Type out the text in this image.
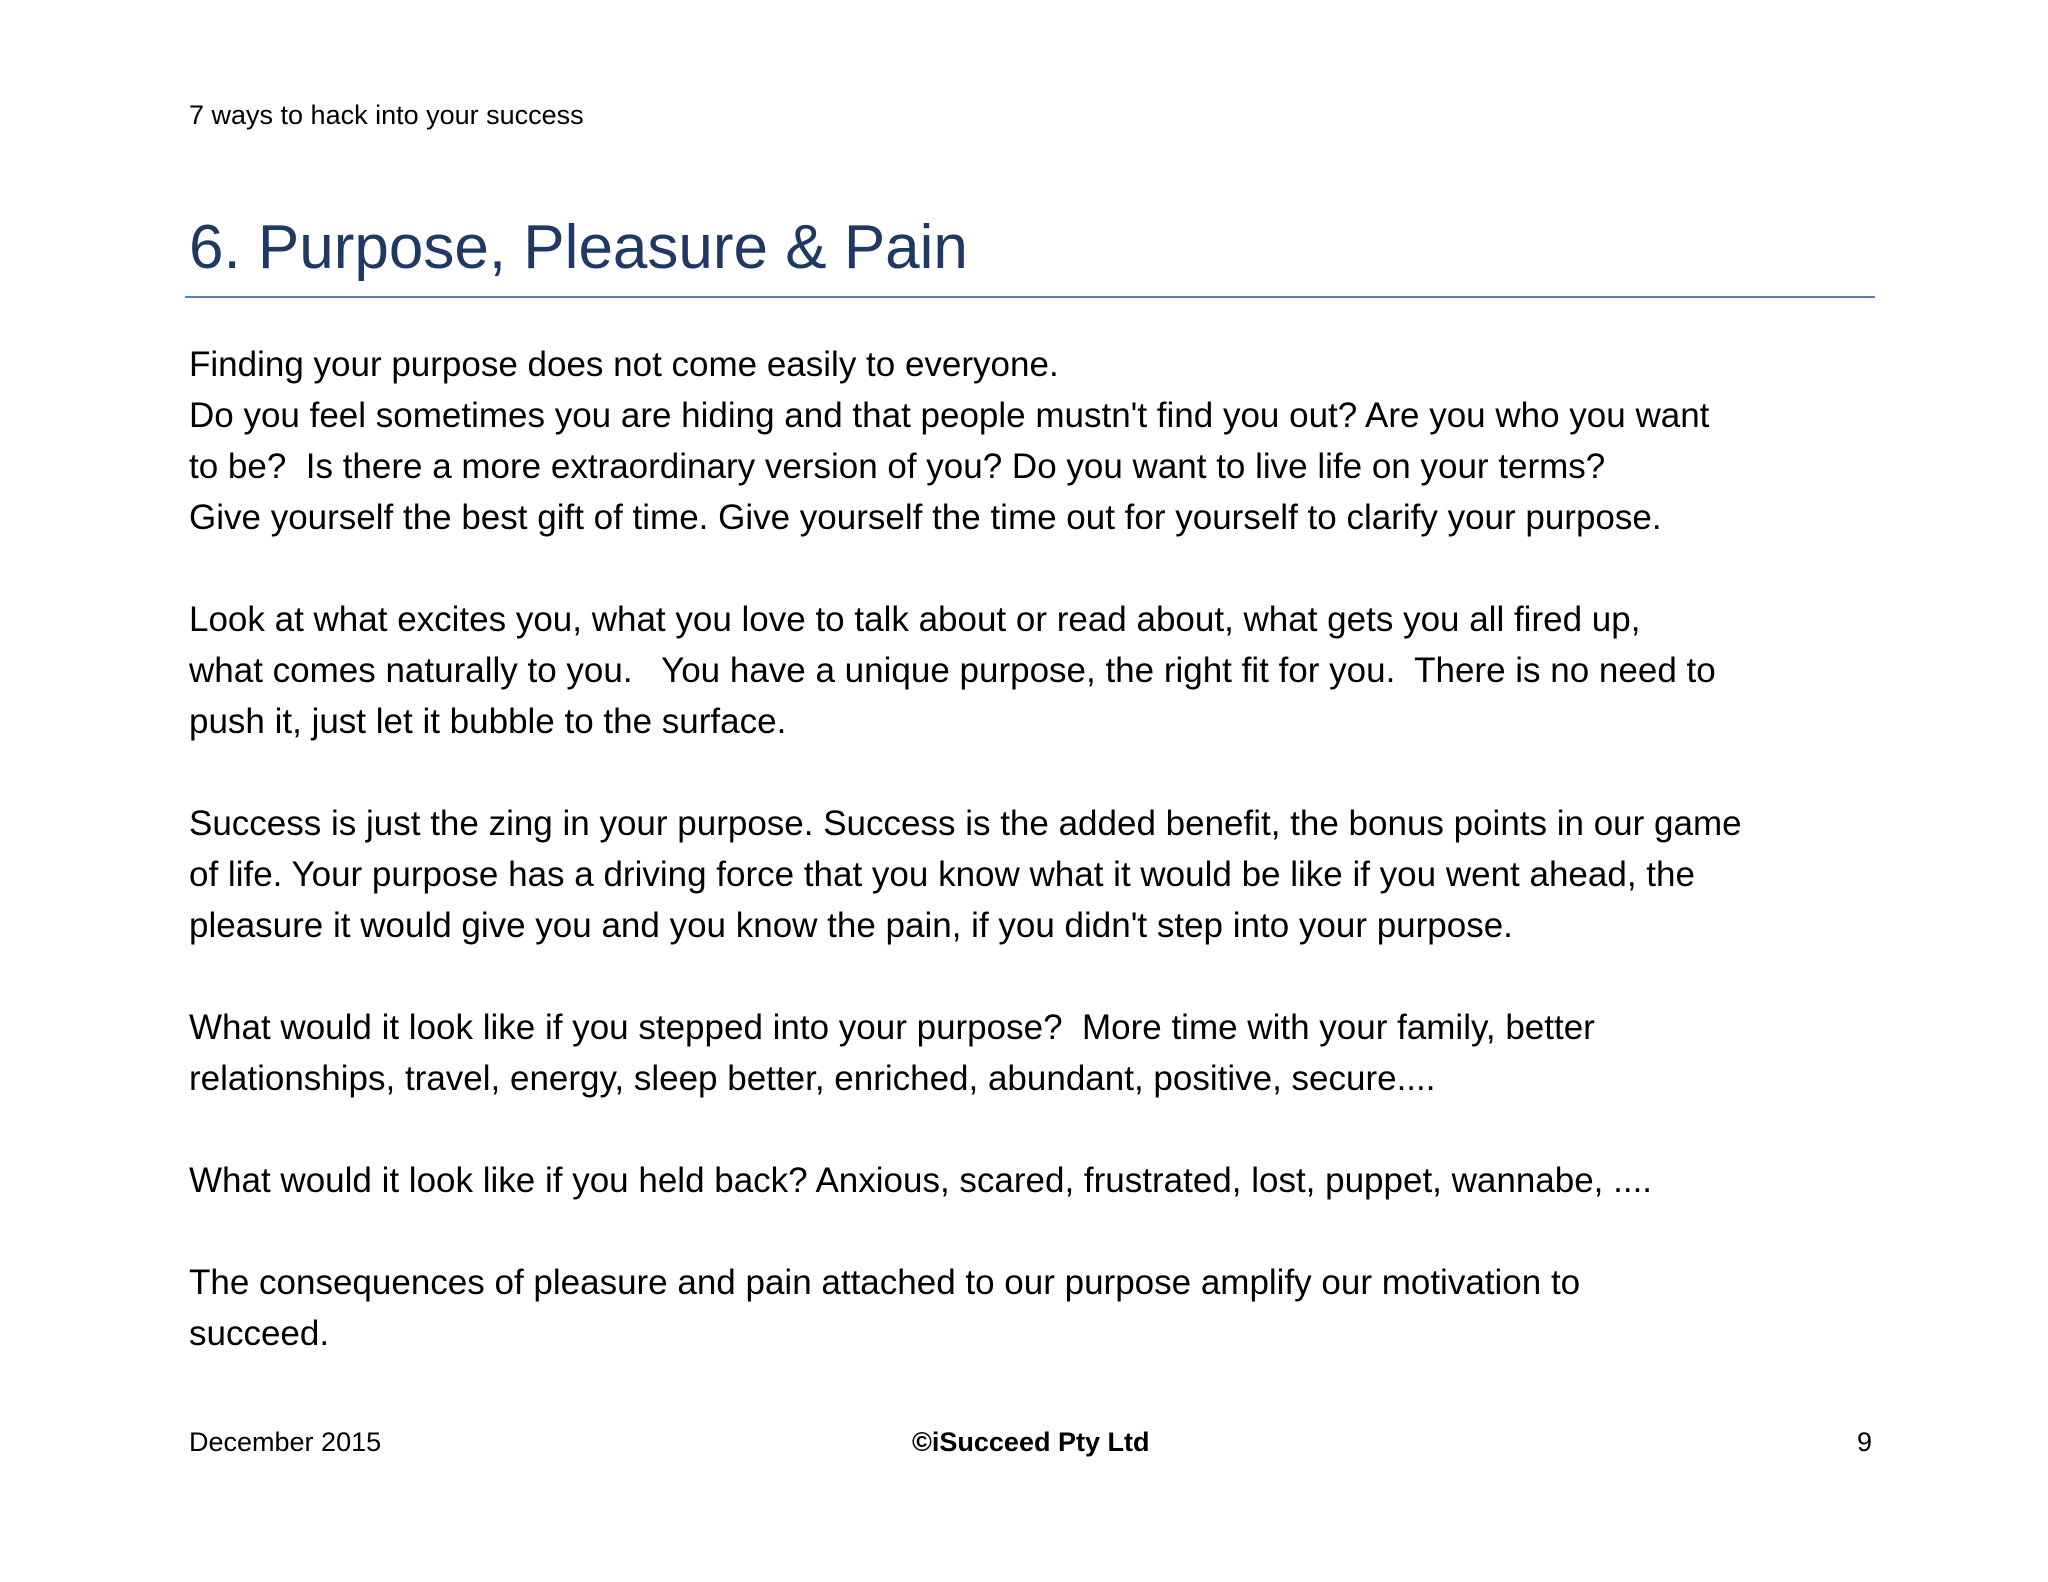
7 ways to hack into your success
6. Purpose, Pleasure & Pain
Finding your purpose does not come easily to everyone.
Do you feel sometimes you are hiding and that people mustn't find you out? Are you who you want
to be?  Is there a more extraordinary version of you? Do you want to live life on your terms?
Give yourself the best gift of time. Give yourself the time out for yourself to clarify your purpose.
Look at what excites you, what you love to talk about or read about, what gets you all fired up,
what comes naturally to you.   You have a unique purpose, the right fit for you.  There is no need to
push it, just let it bubble to the surface.
Success is just the zing in your purpose. Success is the added benefit, the bonus points in our game
of life. Your purpose has a driving force that you know what it would be like if you went ahead, the
pleasure it would give you and you know the pain, if you didn't step into your purpose.
What would it look like if you stepped into your purpose?  More time with your family, better
relationships, travel, energy, sleep better, enriched, abundant, positive, secure....
What would it look like if you held back? Anxious, scared, frustrated, lost, puppet, wannabe, ....
The consequences of pleasure and pain attached to our purpose amplify our motivation to
succeed.
December 2015	©iSucceed Pty Ltd	9
